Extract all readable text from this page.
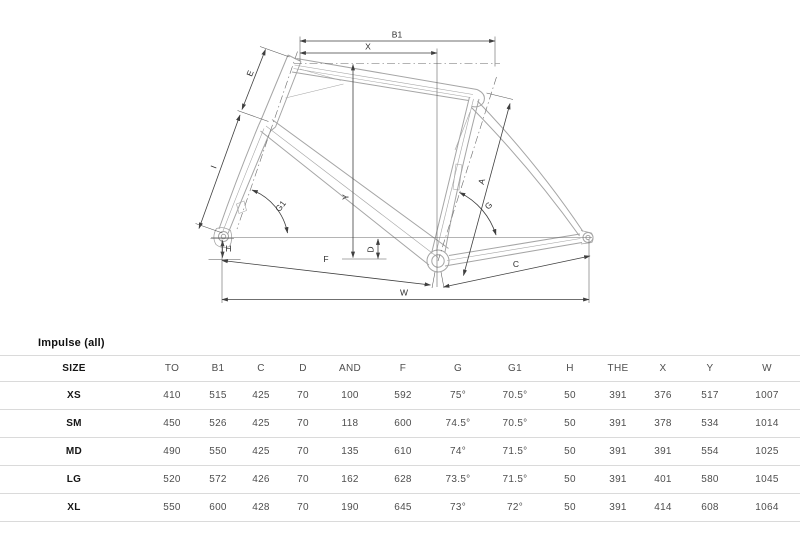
B1
X
E
I
G1
H
Y
D
F
W
C
A
G
Impulse (all)
SIZE	TO	B1	C	D	AND	F	G	G1	H	THE	X	Y	W
XS	410	515	425	70	100	592	75°	70.5°	50	391	376	517	1007
SM	450	526	425	70	118	600	74.5°	70.5°	50	391	378	534	1014
MD	490	550	425	70	135	610	74°	71.5°	50	391	391	554	1025
LG	520	572	426	70	162	628	73.5°	71.5°	50	391	401	580	1045
XL	550	600	428	70	190	645	73°	72°	50	391	414	608	1064
